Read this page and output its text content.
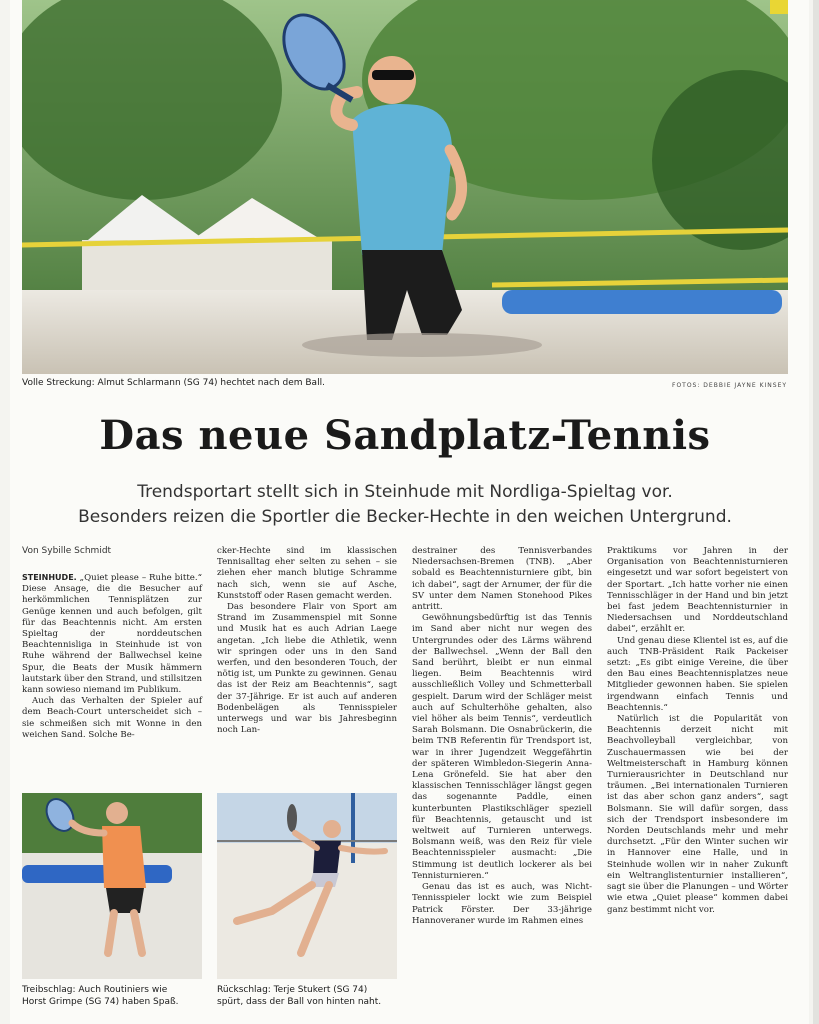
Volle Streckung: Almut Schlarmann (SG 74) hechtet nach dem Ball.	FOTOS: DEBBIE JAYNE KINSEY
Das neue Sandplatz-Tennis
Trendsportart stellt sich in Steinhude mit Nordliga-Spieltag vor.
Besonders reizen die Sportler die Becker-Hechte in den weichen Untergrund.
Von Sybille Schmidt

STEINHUDE. „Quiet please – Ruhe bitte.“ Diese Ansage, die die Besucher auf herkömmlichen Tennisplätzen zur Genüge kennen und auch befolgen, gilt für das Beachtennis nicht. Am ersten Spieltag der norddeutschen Beachtennisliga in Steinhude ist von Ruhe während der Ballwechsel keine Spur, die Beats der Musik hämmern lautstark über den Strand, und stillsitzen kann sowieso niemand im Publikum.

Auch das Verhalten der Spieler auf dem Beach-Court unterscheidet sich – sie schmeißen sich mit Wonne in den weichen Sand. Solche Be-

cker-Hechte sind im klassischen Tennisalltag eher selten zu sehen – sie ziehen eher manch blutige Schramme nach sich, wenn sie auf Asche, Kunststoff oder Rasen gemacht werden.

Das besondere Flair von Sport am Strand im Zusammenspiel mit Sonne und Musik hat es auch Adrian Laege angetan. „Ich liebe die Athletik, wenn wir springen oder uns in den Sand werfen, und den besonderen Touch, der nötig ist, um Punkte zu gewinnen. Genau das ist der Reiz am Beachtennis“, sagt der 37-Jährige. Er ist auch auf anderen Bodenbelägen als Tennisspieler unterwegs und war bis Jahresbeginn noch Lan-

destrainer des Tennisverbandes Niedersachsen-Bremen (TNB). „Aber sobald es Beachtennisturniere gibt, bin ich dabei“, sagt der Arnumer, der für die SV unter dem Namen Stonehood Pikes antritt.

Gewöhnungsbedürftig ist das Tennis im Sand aber nicht nur wegen des Untergrundes oder des Lärms während der Ballwechsel. „Wenn der Ball den Sand berührt, bleibt er nun einmal liegen. Beim Beachtennis wird ausschließlich Volley und Schmetterball gespielt. Darum wird der Schläger meist auch auf Schulterhöhe gehalten, also viel höher als beim Tennis“, verdeutlich Sarah Bolsmann. Die Osnabrückerin, die beim TNB Referentin für Trendsport ist, war in ihrer Jugendzeit Weggefährtin der späteren Wimbledon-Siegerin Anna-Lena Grönefeld. Sie hat aber den klassischen Tennisschläger längst gegen das sogenannte Paddle, einen kunterbunten Plastikschläger speziell für Beachtennis, getauscht und ist weltweit auf Turnieren unterwegs. Bolsmann weiß, was den Reiz für viele Beachtennisspieler ausmacht: „Die Stimmung ist deutlich lockerer als bei Tennisturnieren.“

Genau das ist es auch, was Nicht-Tennisspieler lockt wie zum Beispiel Patrick Förster. Der 33-jährige Hannoveraner wurde im Rahmen eines

Praktikums vor Jahren in der Organisation von Beachtennisturnieren eingesetzt und war sofort begeistert von der Sportart. „Ich hatte vorher nie einen Tennisschläger in der Hand und bin jetzt bei fast jedem Beachtennisturnier in Niedersachsen und Norddeutschland dabei“, erzählt er.

Und genau diese Klientel ist es, auf die auch TNB-Präsident Raik Packeiser setzt: „Es gibt einige Vereine, die über den Bau eines Beachtennisplatzes neue Mitglieder gewonnen haben. Sie spielen irgendwann einfach Tennis und Beachtennis.“

Natürlich ist die Popularität von Beachtennis derzeit nicht mit Beachvolleyball vergleichbar, von Zuschauermassen wie bei der Weltmeisterschaft in Hamburg können Turnierausrichter in Deutschland nur träumen. „Bei internationalen Turnieren ist das aber schon ganz anders“, sagt Bolsmann. Sie will dafür sorgen, dass sich der Trendsport insbesondere im Norden Deutschlands mehr und mehr durchsetzt. „Für den Winter suchen wir in Hannover eine Halle, und in Steinhude wollen wir in naher Zukunft ein Weltranglistenturnier installieren“, sagt sie über die Planungen – und Wörter wie etwa „Quiet please“ kommen dabei ganz bestimmt nicht vor.

Treibschlag: Auch Routiniers wie
Horst Grimpe (SG 74) haben Spaß.
Rückschlag: Terje Stukert (SG 74)
spürt, dass der Ball von hinten naht.
